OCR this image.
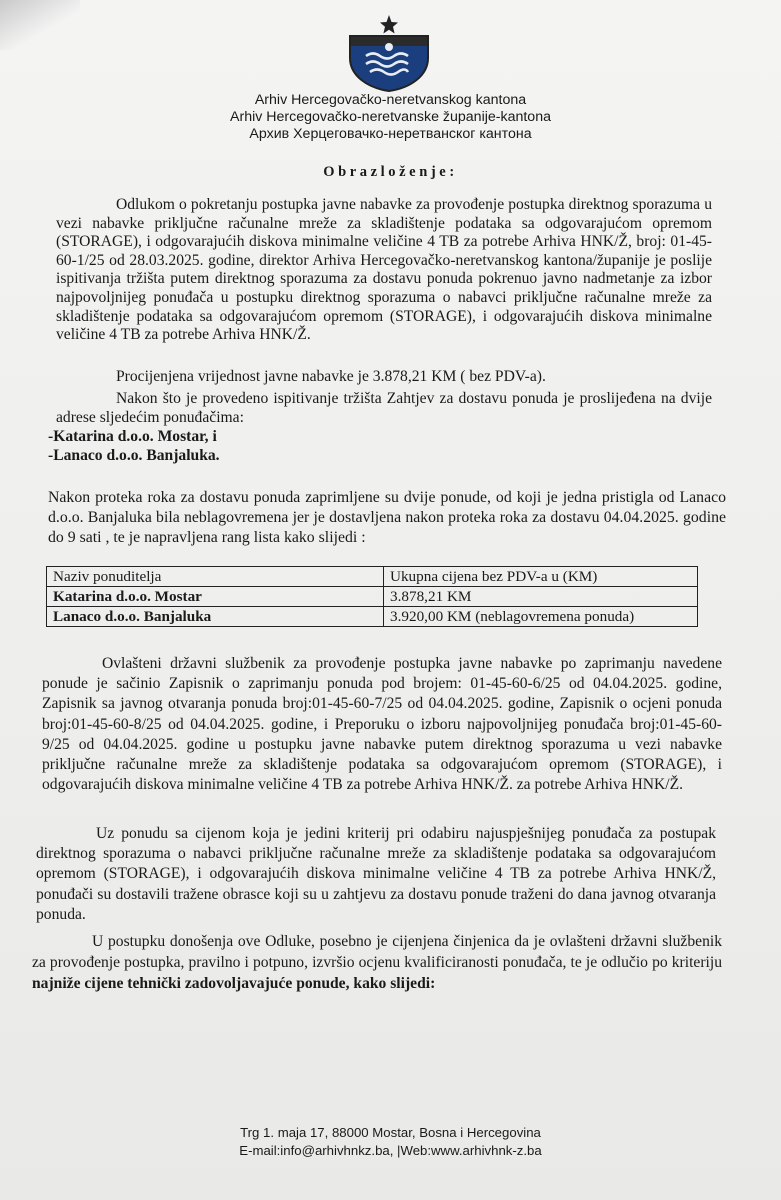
Arhiv Hercegovačko-neretvanskog kantona
Arhiv Hercegovačko-neretvanske županije-kantona
Архив Херцеговачко-неретванског кантона
Obrazloženje:

Odlukom o pokretanju postupka javne nabavke za provođenje postupka direktnog sporazuma u vezi nabavke priključne računalne mreže za skladištenje podataka sa odgovarajućom opremom (STORAGE), i odgovarajućih diskova minimalne veličine 4 TB za potrebe Arhiva HNK/Ž, broj: 01-45-60-1/25 od 28.03.2025. godine, direktor Arhiva Hercegovačko-neretvanskog kantona/županije je poslije ispitivanja tržišta putem direktnog sporazuma za dostavu ponuda pokrenuo javno nadmetanje za izbor najpovoljnijeg ponuđača u postupku direktnog sporazuma o nabavci priključne računalne mreže za skladištenje podataka sa odgovarajućom opremom (STORAGE), i odgovarajućih diskova minimalne veličine 4 TB za potrebe Arhiva HNK/Ž.

Procijenjena vrijednost javne nabavke je 3.878,21 KM ( bez PDV-a).

Nakon što je provedeno ispitivanje tržišta Zahtjev za dostavu ponuda je proslijeđena na dvije adrese sljedećim ponuđačima:

-Katarina d.o.o. Mostar, i
-Lanaco d.o.o. Banjaluka.

Nakon proteka roka za dostavu ponuda zaprimljene su dvije ponude, od koji je jedna pristigla od Lanaco d.o.o. Banjaluka bila neblagovremena jer je dostavljena nakon proteka roka za dostavu 04.04.2025. godine do 9 sati , te je napravljena rang lista kako slijedi :

Naziv ponuditelja	Ukupna cijena bez PDV-a u (KM)
Katarina d.o.o. Mostar	3.878,21 KM
Lanaco d.o.o. Banjaluka	3.920,00 KM (neblagovremena ponuda)

Ovlašteni državni službenik za provođenje postupka javne nabavke po zaprimanju navedene ponude je sačinio Zapisnik o zaprimanju ponuda pod brojem: 01-45-60-6/25 od 04.04.2025. godine, Zapisnik sa javnog otvaranja ponuda broj:01-45-60-7/25 od 04.04.2025. godine, Zapisnik o ocjeni ponuda broj:01-45-60-8/25 od 04.04.2025. godine, i Preporuku o izboru najpovoljnijeg ponuđača broj:01-45-60-9/25 od 04.04.2025. godine u postupku javne nabavke putem direktnog sporazuma u vezi nabavke priključne računalne mreže za skladištenje podataka sa odgovarajućom opremom (STORAGE), i odgovarajućih diskova minimalne veličine 4 TB za potrebe Arhiva HNK/Ž. za potrebe Arhiva HNK/Ž.

Uz ponudu sa cijenom koja je jedini kriterij pri odabiru najuspješnijeg ponuđača za postupak direktnog sporazuma o nabavci priključne računalne mreže za skladištenje podataka sa odgovarajućom opremom (STORAGE), i odgovarajućih diskova minimalne veličine 4 TB za potrebe Arhiva HNK/Ž, ponuđači su dostavili tražene obrasce koji su u zahtjevu za dostavu ponude traženi do dana javnog otvaranja ponuda.

U postupku donošenja ove Odluke, posebno je cijenjena činjenica da je ovlašteni državni službenik za provođenje postupka, pravilno i potpuno, izvršio ocjenu kvalificiranosti ponuđača, te je odlučio po kriteriju najniže cijene tehnički zadovoljavajuće ponude, kako slijedi:

Trg 1. maja 17, 88000 Mostar, Bosna i Hercegovina
E-mail:info@arhivhnkz.ba, |Web:www.arhivhnk-z.ba
